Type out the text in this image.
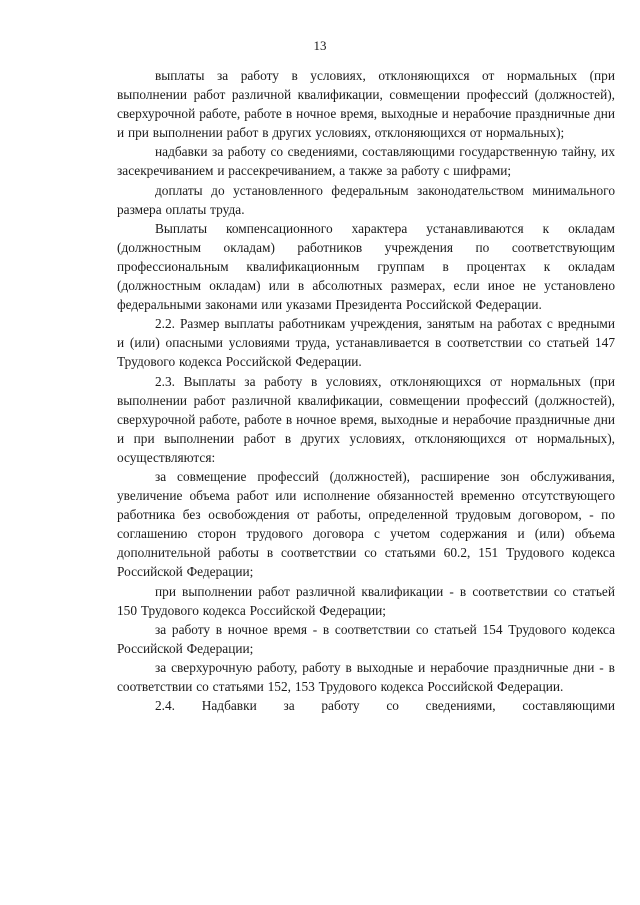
13

выплаты за работу в условиях, отклоняющихся от нормальных (при выполнении работ различной квалификации, совмещении профессий (должностей), сверхурочной работе, работе в ночное время, выходные и нерабочие праздничные дни и при выполнении работ в других условиях, отклоняющихся от нормальных);

надбавки за работу со сведениями, составляющими государственную тайну, их засекречиванием и рассекречиванием, а также за работу с шифрами;

доплаты до установленного федеральным законодательством минимального размера оплаты труда.

Выплаты компенсационного характера устанавливаются к окладам (должностным окладам) работников учреждения по соответствующим профессиональным квалификационным группам в процентах к окладам (должностным окладам) или в абсолютных размерах, если иное не установлено федеральными законами или указами Президента Российской Федерации.

2.2. Размер выплаты работникам учреждения, занятым на работах с вредными и (или) опасными условиями труда, устанавливается в соответствии со статьей 147 Трудового кодекса Российской Федерации.

2.3. Выплаты за работу в условиях, отклоняющихся от нормальных (при выполнении работ различной квалификации, совмещении профессий (должностей), сверхурочной работе, работе в ночное время, выходные и нерабочие праздничные дни и при выполнении работ в других условиях, отклоняющихся от нормальных), осуществляются:

за совмещение профессий (должностей), расширение зон обслуживания, увеличение объема работ или исполнение обязанностей временно отсутствующего работника без освобождения от работы, определенной трудовым договором, - по соглашению сторон трудового договора с учетом содержания и (или) объема дополнительной работы в соответствии со статьями 60.2, 151 Трудового кодекса Российской Федерации;

при выполнении работ различной квалификации - в соответствии со статьей 150 Трудового кодекса Российской Федерации;

за работу в ночное время - в соответствии со статьей 154 Трудового кодекса Российской Федерации;

за сверхурочную работу, работу в выходные и нерабочие праздничные дни - в соответствии со статьями 152, 153 Трудового кодекса Российской Федерации.

2.4. Надбавки за работу со сведениями, составляющими
